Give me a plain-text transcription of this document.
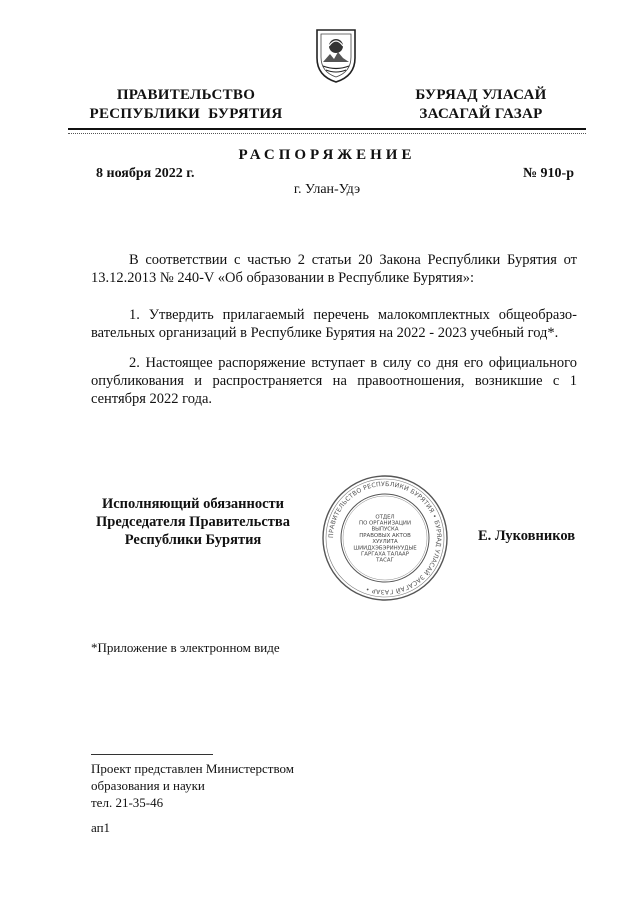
ПРАВИТЕЛЬСТВО
РЕСПУБЛИКИ  БУРЯТИЯ
БУРЯАД УЛАСАЙ
ЗАСАГАЙ ГАЗАР
РАСПОРЯЖЕНИЕ
8 ноября 2022 г.	№ 910-р
г. Улан-Удэ

В соответствии с частью 2 статьи 20 Закона Республики Бурятия от 13.12.2013 № 240-V «Об образовании в Республике Бурятия»:

1. Утвердить прилагаемый перечень малокомплектных общеобразо-вательных организаций в Республике Бурятия на 2022 - 2023 учебный год*.

2. Настоящее распоряжение вступает в силу со дня его официального опубликования и распространяется на правоотношения, возникшие с 1 сентября 2022 года.

Исполняющий обязанности
Председателя Правительства
Республики Бурятия	ПРАВИТЕЛЬСТВО РЕСПУБЛИКИ БУРЯТИЯ • БУРЯАД УЛАСАЙ ЗАСАГАЙ ГАЗАР •
ОТДЕЛ
ПО ОРГАНИЗАЦИИ
ВЫПУСКА
ПРАВОВЫХ АКТОВ
ХУУЛИТА
ШИИДХЭБЭРИНУУДЫЕ
ГАРГАХА ТАЛААР
ТАСАГ
Е. Луковников
*Приложение в электронном виде
Проект представлен Министерством
образования и науки
тел. 21-35-46
ап1
